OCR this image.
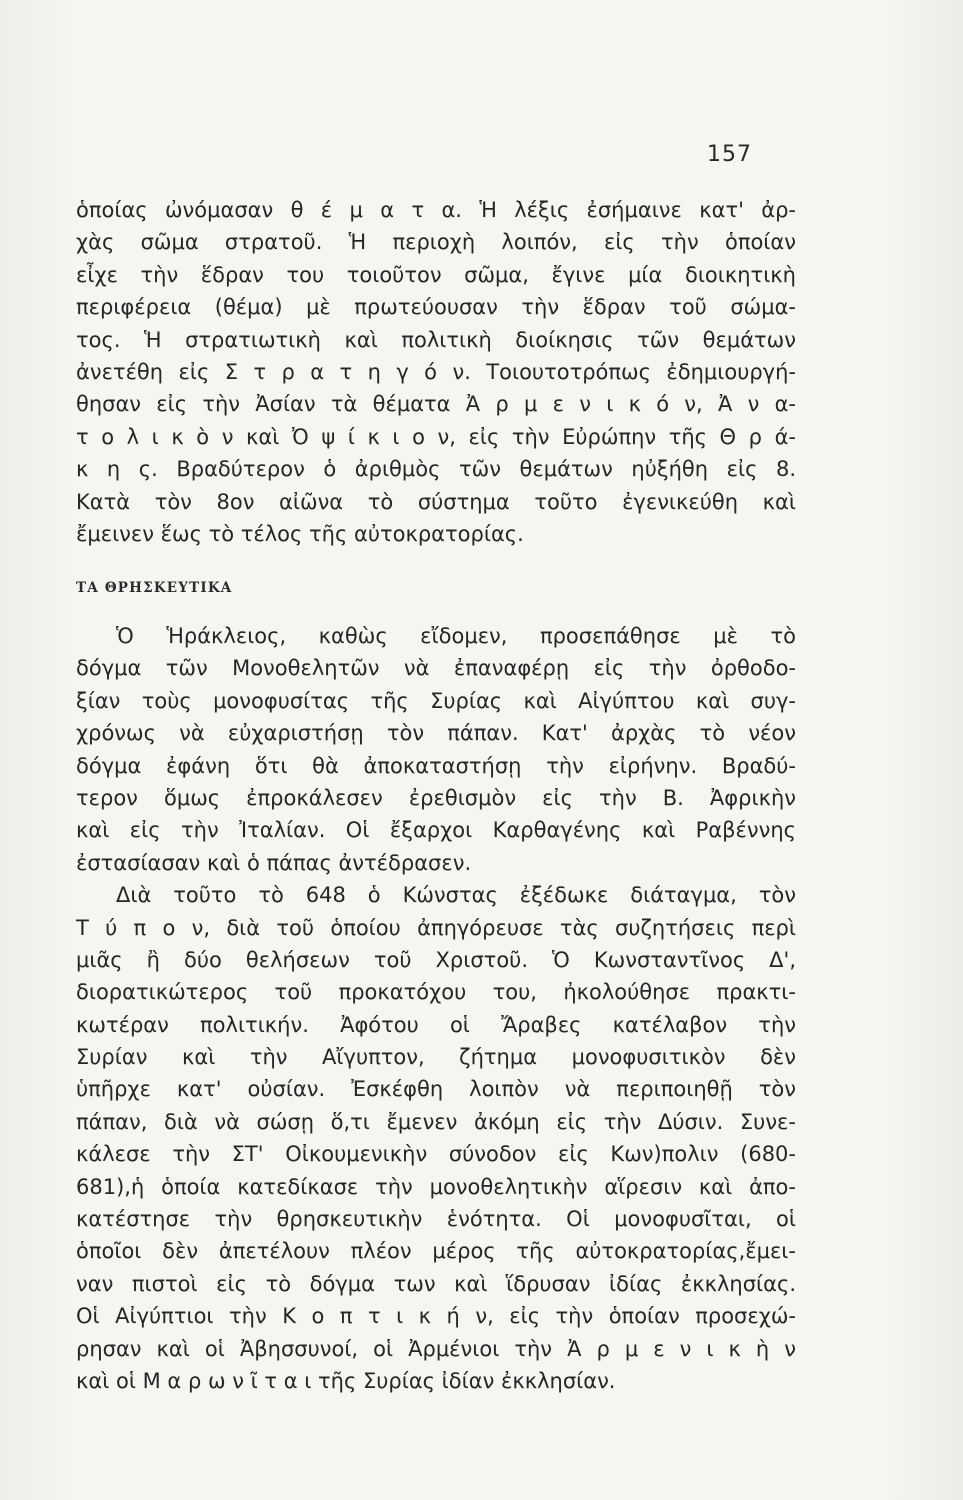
157
ὁποίας ὠνόμασαν θ έ μ α τ α. Ἡ λέξις ἐσήμαινε κατ' ἀρ-
χὰς σῶμα στρατοῦ. Ἡ περιοχὴ λοιπόν, εἰς τὴν ὁποίαν
εἶχε τὴν ἕδραν του τοιοῦτον σῶμα, ἔγινε μία διοικητικὴ
περιφέρεια (θέμα) μὲ πρωτεύουσαν τὴν ἕδραν τοῦ σώμα-
τος. Ἡ στρατιωτικὴ καὶ πολιτικὴ διοίκησις τῶν θεμάτων
ἀνετέθη εἰς Σ τ ρ α τ η γ ό ν. Τοιουτοτρόπως ἐδημιουργή-
θησαν εἰς τὴν Ἀσίαν τὰ θέματα Ἀ ρ μ ε ν ι κ ό ν, Ἀ ν α-
τ ο λ ι κ ὸ ν καὶ Ὀ ψ ί κ ι ο ν, εἰς τὴν Εὐρώπην τῆς Θ ρ ά-
κ η ς. Βραδύτερον ὁ ἀριθμὸς τῶν θεμάτων ηὐξήθη εἰς 8.
Κατὰ τὸν 8ον αἰῶνα τὸ σύστημα τοῦτο ἐγενικεύθη καὶ
ἔμεινεν ἕως τὸ τέλος τῆς αὐτοκρατορίας.
ΤΑ ΘΡΗΣΚΕΥΤΙΚΑ
Ὁ Ἡράκλειος, καθὼς εἴδομεν, προσεπάθησε μὲ τὸ
δόγμα τῶν Μονοθελητῶν νὰ ἐπαναφέρῃ εἰς τὴν ὀρθοδο-
ξίαν τοὺς μονοφυσίτας τῆς Συρίας καὶ Αἰγύπτου καὶ συγ-
χρόνως νὰ εὐχαριστήσῃ τὸν πάπαν. Κατ' ἀρχὰς τὸ νέον
δόγμα ἐφάνη ὅτι θὰ ἀποκαταστήσῃ τὴν εἰρήνην. Βραδύ-
τερον ὅμως ἐπροκάλεσεν ἐρεθισμὸν εἰς τὴν Β. Ἀφρικὴν
καὶ εἰς τὴν Ἰταλίαν. Οἱ ἔξαρχοι Καρθαγένης καὶ Ραβέννης
ἐστασίασαν καὶ ὁ πάπας ἀντέδρασεν.
Διὰ τοῦτο τὸ 648 ὁ Κώνστας ἐξέδωκε διάταγμα, τὸν
Τ ύ π ο ν, διὰ τοῦ ὁποίου ἀπηγόρευσε τὰς συζητήσεις περὶ
μιᾶς ἢ δύο θελήσεων τοῦ Χριστοῦ. Ὁ Κωνσταντῖνος Δ',
διορατικώτερος τοῦ προκατόχου του, ἠκολούθησε πρακτι-
κωτέραν πολιτικήν. Ἀφότου οἱ Ἄραβες κατέλαβον τὴν
Συρίαν καὶ τὴν Αἴγυπτον, ζήτημα μονοφυσιτικὸν δὲν
ὑπῆρχε κατ' οὐσίαν. Ἐσκέφθη λοιπὸν νὰ περιποιηθῇ τὸν
πάπαν, διὰ νὰ σώσῃ ὅ,τι ἔμενεν ἀκόμη εἰς τὴν Δύσιν. Συνε-
κάλεσε τὴν ΣΤ' Οἰκουμενικὴν σύνοδον εἰς Κων)πολιν (680-
681),ἡ ὁποία κατεδίκασε τὴν μονοθελητικὴν αἵρεσιν καὶ ἀπο-
κατέστησε τὴν θρησκευτικὴν ἑνότητα. Οἱ μονοφυσῖται, οἱ
ὁποῖοι δὲν ἀπετέλουν πλέον μέρος τῆς αὐτοκρατορίας,ἔμει-
ναν πιστοὶ εἰς τὸ δόγμα των καὶ ἵδρυσαν ἰδίας ἐκκλησίας.
Οἱ Αἰγύπτιοι τὴν Κ ο π τ ι κ ή ν, εἰς τὴν ὁποίαν προσεχώ-
ρησαν καὶ οἱ Ἀβησσυνοί, οἱ Ἀρμένιοι τὴν Ἀ ρ μ ε ν ι κ ὴ ν
καὶ οἱ Μ α ρ ω ν ῖ τ α ι τῆς Συρίας ἰδίαν ἐκκλησίαν.
